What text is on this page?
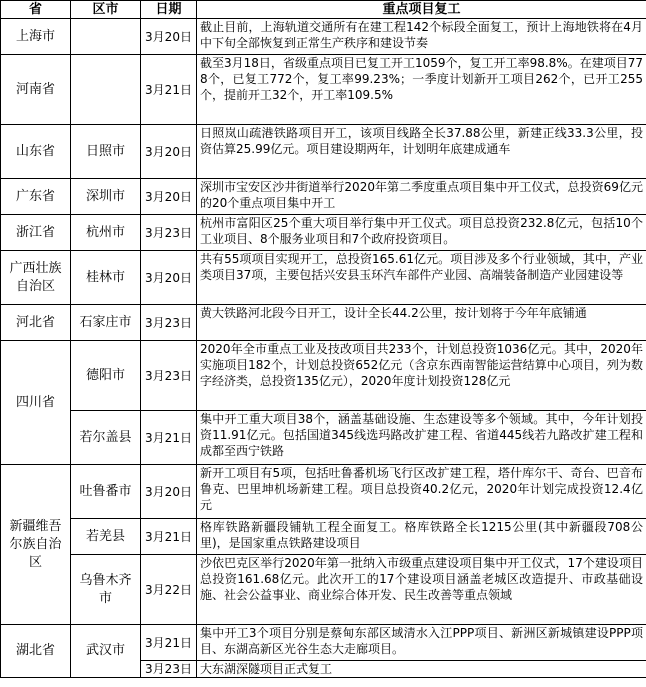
省	区市	日期	重点项目复工
上海市		3月20日	截止目前，上海轨道交通所有在建工程142个标段全面复工，预计上海地铁将在4月中下旬全部恢复到正常生产秩序和建设节奏
河南省		3月21日	截至3月18日，省级重点项目已复工开工1059个，复工开工率98.8%。在建项目778个，已复工772个，复工率99.23%；一季度计划新开工项目262个，已开工255个，提前开工32个，开工率109.5%
山东省	日照市	3月20日	日照岚山疏港铁路项目开工，该项目线路全长37.88公里，新建正线33.3公里，投资估算25.99亿元。项目建设期两年，计划明年底建成通车
广东省	深圳市	3月20日	深圳市宝安区沙井街道举行2020年第二季度重点项目集中开工仪式，总投资69亿元的20个重点项目集中开工
浙江省	杭州市	3月23日	杭州市富阳区25个重大项目举行集中开工仪式。项目总投资232.8亿元，包括10个工业项目、8个服务业项目和7个政府投资项目。
广西壮族自治区	桂林市	3月20日	共有55项项目实现开工，总投资165.61亿元。项目涉及多个行业领域，其中，产业类项目37项，主要包括兴安县玉环汽车部件产业园、高端装备制造产业园建设等
河北省	石家庄市	3月23日	黄大铁路河北段今日开工，设计全长44.2公里，按计划将于今年年底铺通
四川省	德阳市	3月23日	2020年全市重点工业及技改项目共233个，计划总投资1036亿元。其中，2020年实施项目182个，计划总投资652亿元（含京东西南智能运营结算中心项目，列为数字经济类，总投资135亿元），2020年度计划投资128亿元
	若尔盖县	3月21日	集中开工重大项目38个，涵盖基础设施、生态建设等多个领域。其中，今年计划投资11.91亿元。包括国道345线选玛路改扩建工程、省道445线若九路改扩建工程和成都至西宁铁路
新疆维吾尔族自治区	吐鲁番市	3月20日	新开工项目有5项，包括吐鲁番机场飞行区改扩建工程，塔什库尔干、奇台、巴音布鲁克、巴里坤机场新建工程。项目总投资40.2亿元，2020年计划完成投资12.4亿元
	若羌县	3月21日	格库铁路新疆段铺轨工程全面复工。格库铁路全长1215公里(其中新疆段708公里)，是国家重点铁路建设项目
	乌鲁木齐市	3月22日	沙依巴克区举行2020年第一批纳入市级重点建设项目集中开工仪式，17个建设项目总投资161.68亿元。此次开工的17个建设项目涵盖老城区改造提升、市政基础设施、社会公益事业、商业综合体开发、民生改善等重点领域
湖北省	武汉市	3月21日	集中开工3个项目分别是蔡甸东部区域清水入江PPP项目、新洲区新城镇建设PPP项目、东湖高新区光谷生态大走廊项目。
		3月23日	大东湖深隧项目正式复工
